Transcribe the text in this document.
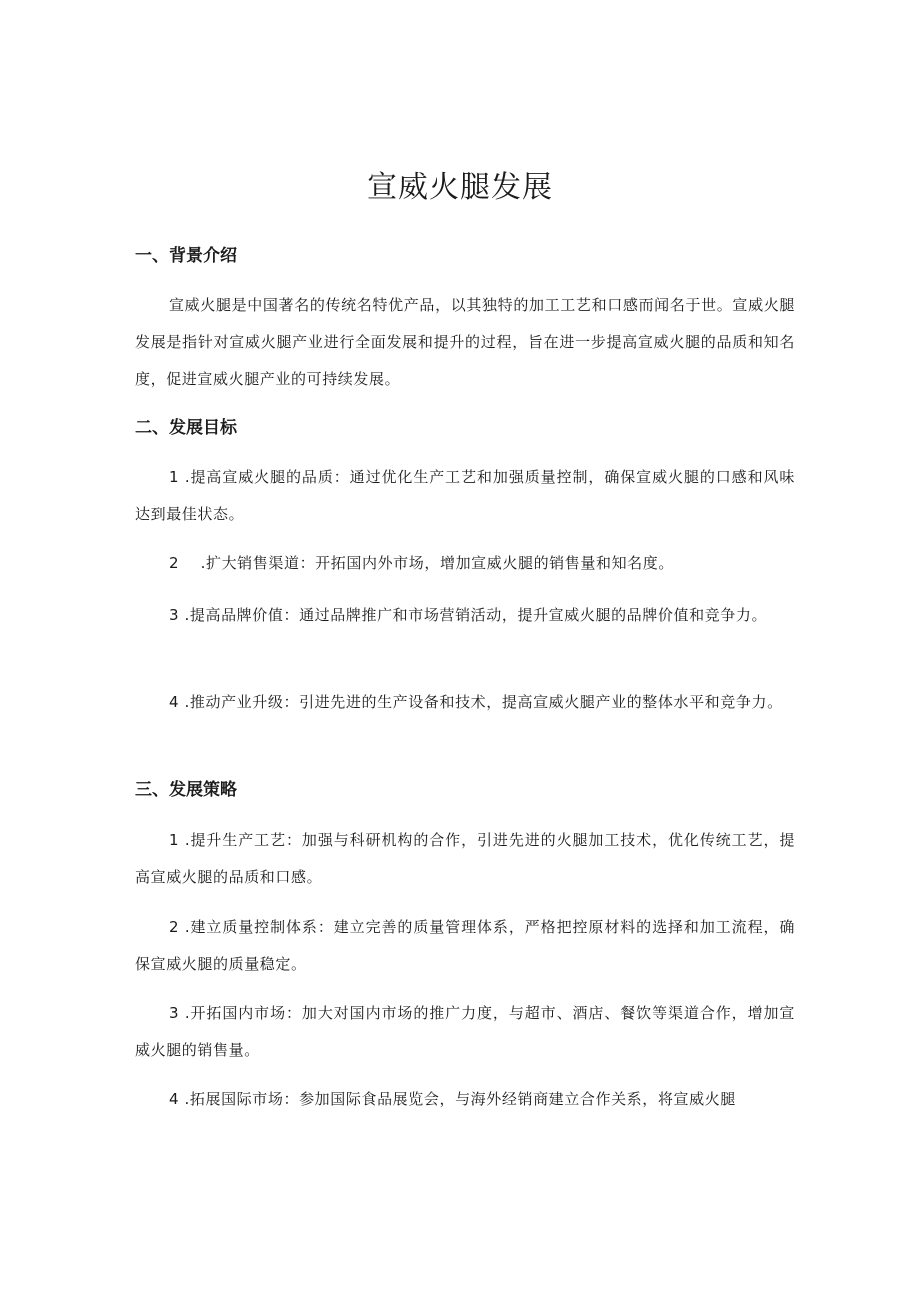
宣威火腿发展
一、背景介绍

宣威火腿是中国著名的传统名特优产品，以其独特的加工工艺和口感而闻名于世。宣威火腿发展是指针对宣威火腿产业进行全面发展和提升的过程，旨在进一步提高宣威火腿的品质和知名度，促进宣威火腿产业的可持续发展。

二、发展目标

1 .提高宣威火腿的品质：通过优化生产工艺和加强质量控制，确保宣威火腿的口感和风味达到最佳状态。

2    .扩大销售渠道：开拓国内外市场，增加宣威火腿的销售量和知名度。

3 .提高品牌价值：通过品牌推广和市场营销活动，提升宣威火腿的品牌价值和竞争力。

4 .推动产业升级：引进先进的生产设备和技术，提高宣威火腿产业的整体水平和竞争力。

三、发展策略

1 .提升生产工艺：加强与科研机构的合作，引进先进的火腿加工技术，优化传统工艺，提高宣威火腿的品质和口感。

2 .建立质量控制体系：建立完善的质量管理体系，严格把控原材料的选择和加工流程，确保宣威火腿的质量稳定。

3 .开拓国内市场：加大对国内市场的推广力度，与超市、酒店、餐饮等渠道合作，增加宣威火腿的销售量。

4 .拓展国际市场：参加国际食品展览会，与海外经销商建立合作关系，将宣威火腿
